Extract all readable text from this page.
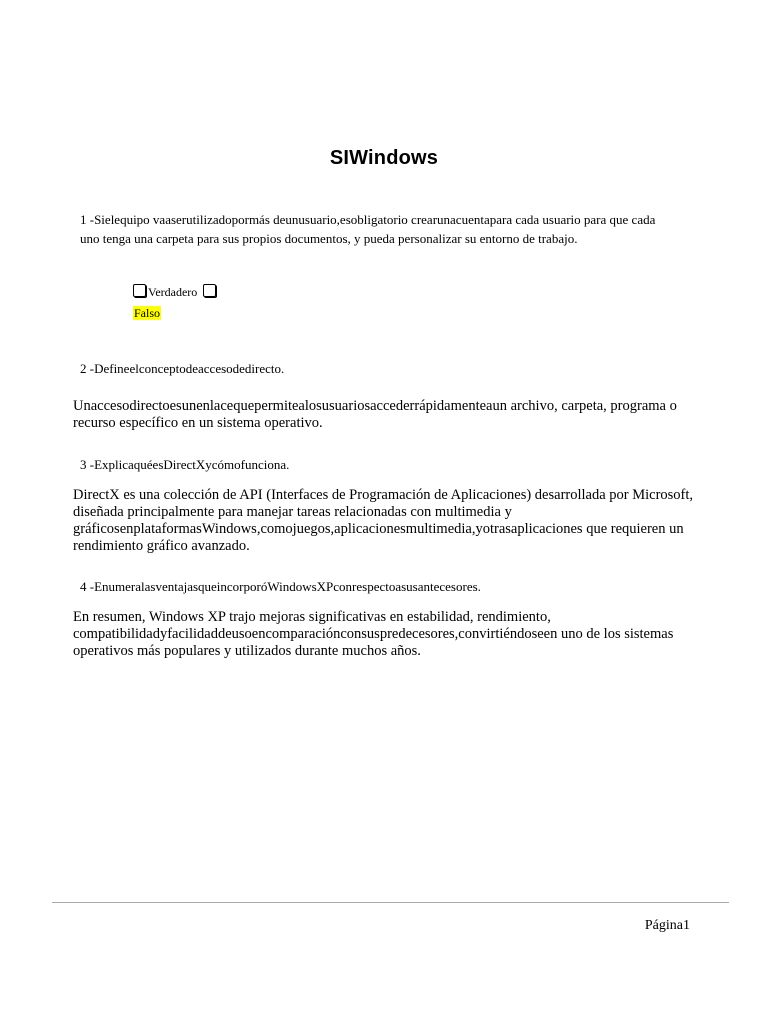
SIWindows
1 -Sielequipo vaaserutilizadopormás deunusuario,esobligatorio crearunacuentapara cada usuario para que cada uno tenga una carpeta para sus propios documentos, y pueda personalizar su entorno de trabajo.
Verdadero
Falso
2 -Defineelconceptodeaccesodedirecto.
Unaccesodirectoesunenlacequepermitealosusuariosaccederrápidamenteaun archivo, carpeta, programa o recurso específico en un sistema operativo.
3 -ExplicaquéesDirectXycómofunciona.
DirectX es una colección de API (Interfaces de Programación de Aplicaciones) desarrollada por Microsoft, diseñada principalmente para manejar tareas relacionadas con multimedia y gráficosenplataformasWindows,comojuegos,aplicacionesmultimedia,yotrasaplicaciones que requieren un rendimiento gráfico avanzado.
4 -EnumeralasventajasqueincorporóWindowsXPconrespectoasusantecesores.
En resumen, Windows XP trajo mejoras significativas en estabilidad, rendimiento, compatibilidadyfacilidaddeusoencomparaciónconsuspredecesores,convirtiéndoseen uno de los sistemas operativos más populares y utilizados durante muchos años.
Página1
